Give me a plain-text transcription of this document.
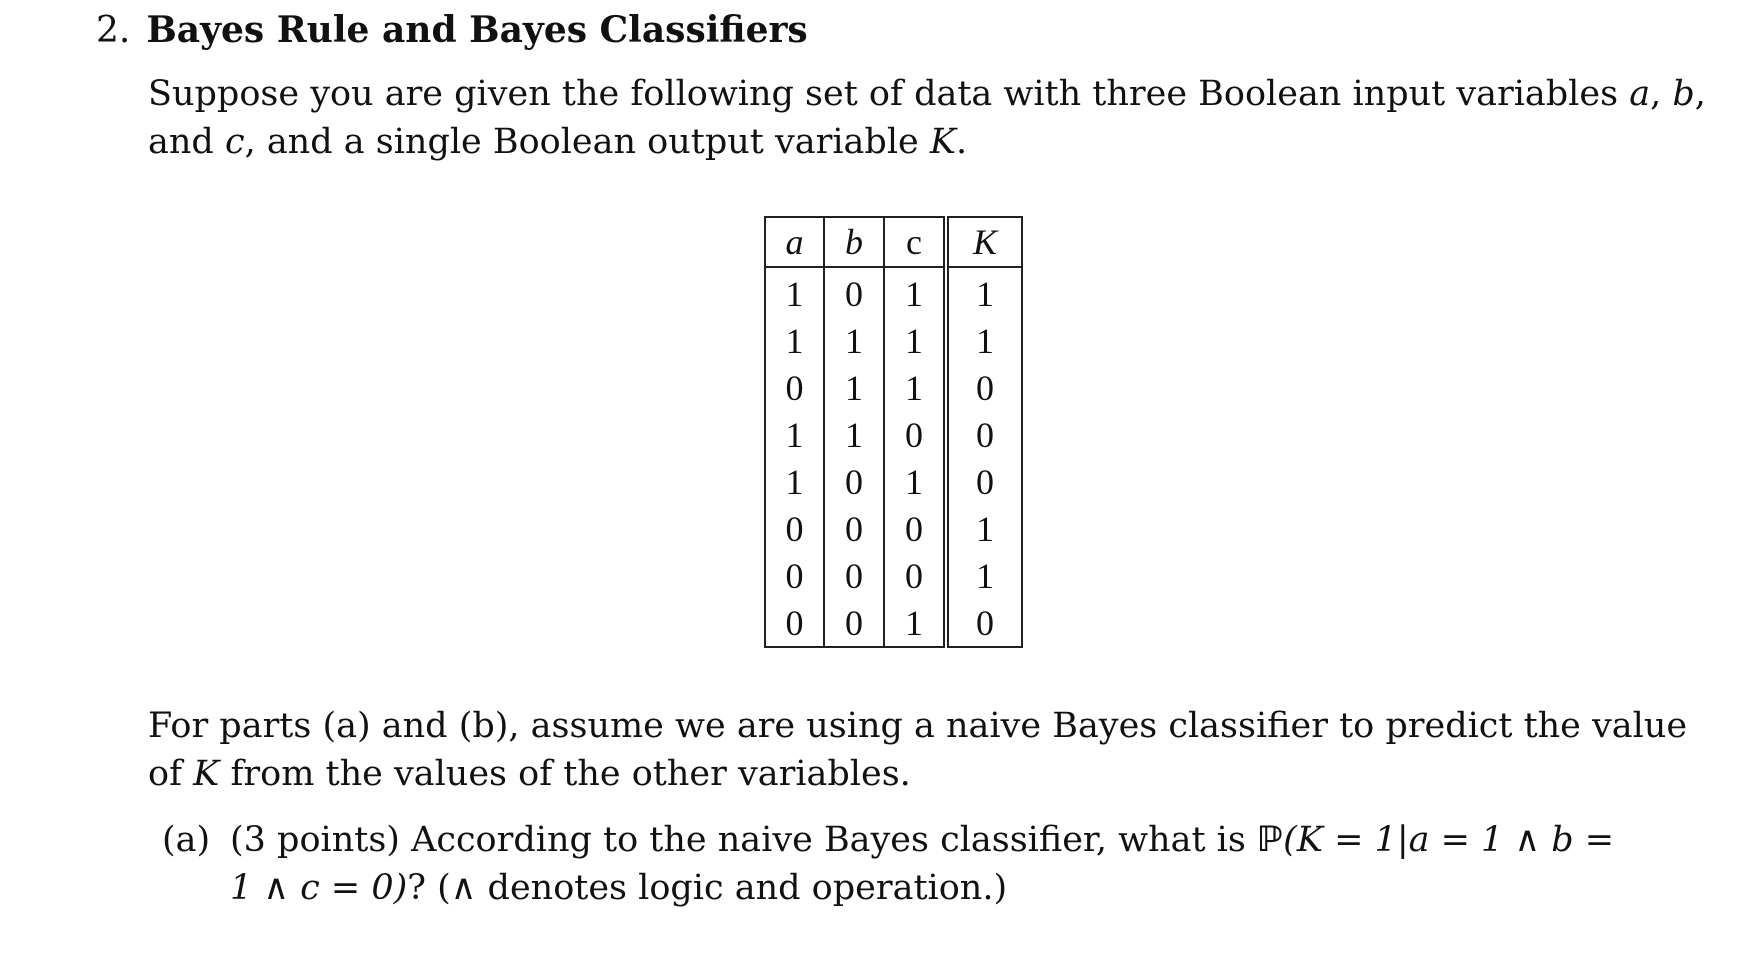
2. Bayes Rule and Bayes Classifiers
Suppose you are given the following set of data with three Boolean input variables a, b,
and c, and a single Boolean output variable K.
a	b	c	K
1	0	1	1
1	1	1	1
0	1	1	0
1	1	0	0
1	0	1	0
0	0	0	1
0	0	0	1
0	0	1	0
For parts (a) and (b), assume we are using a naive Bayes classifier to predict the value
of K from the values of the other variables.
(a) (3 points) According to the naive Bayes classifier, what is ℙ(K = 1|a = 1 ∧ b =
1 ∧ c = 0)? (∧ denotes logic and operation.)
